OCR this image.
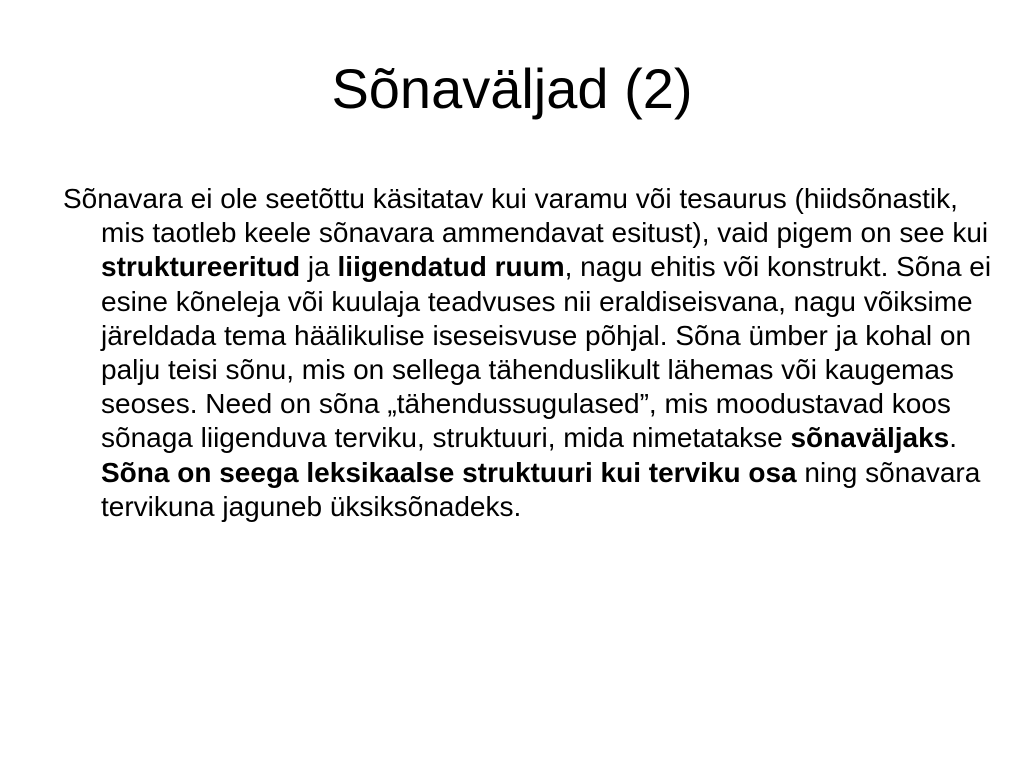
Sõnaväljad (2)

Sõnavara ei ole seetõttu käsitatav kui varamu või tesaurus (hiidsõnastik, mis taotleb keele sõnavara ammendavat esitust), vaid pigem on see kui struktureeritud ja liigendatud ruum, nagu ehitis või konstrukt. Sõna ei esine kõneleja või kuulaja teadvuses nii eraldiseisvana, nagu võiksime järeldada tema häälikulise iseseisvuse põhjal. Sõna ümber ja kohal on palju teisi sõnu, mis on sellega tähenduslikult lähemas või kaugemas seoses. Need on sõna „tähendussugulased”, mis moodustavad koos sõnaga liigenduva terviku, struktuuri, mida nimetatakse sõnaväljaks. Sõna on seega leksikaalse struktuuri kui terviku osa ning sõnavara tervikuna jaguneb üksiksõnadeks.
